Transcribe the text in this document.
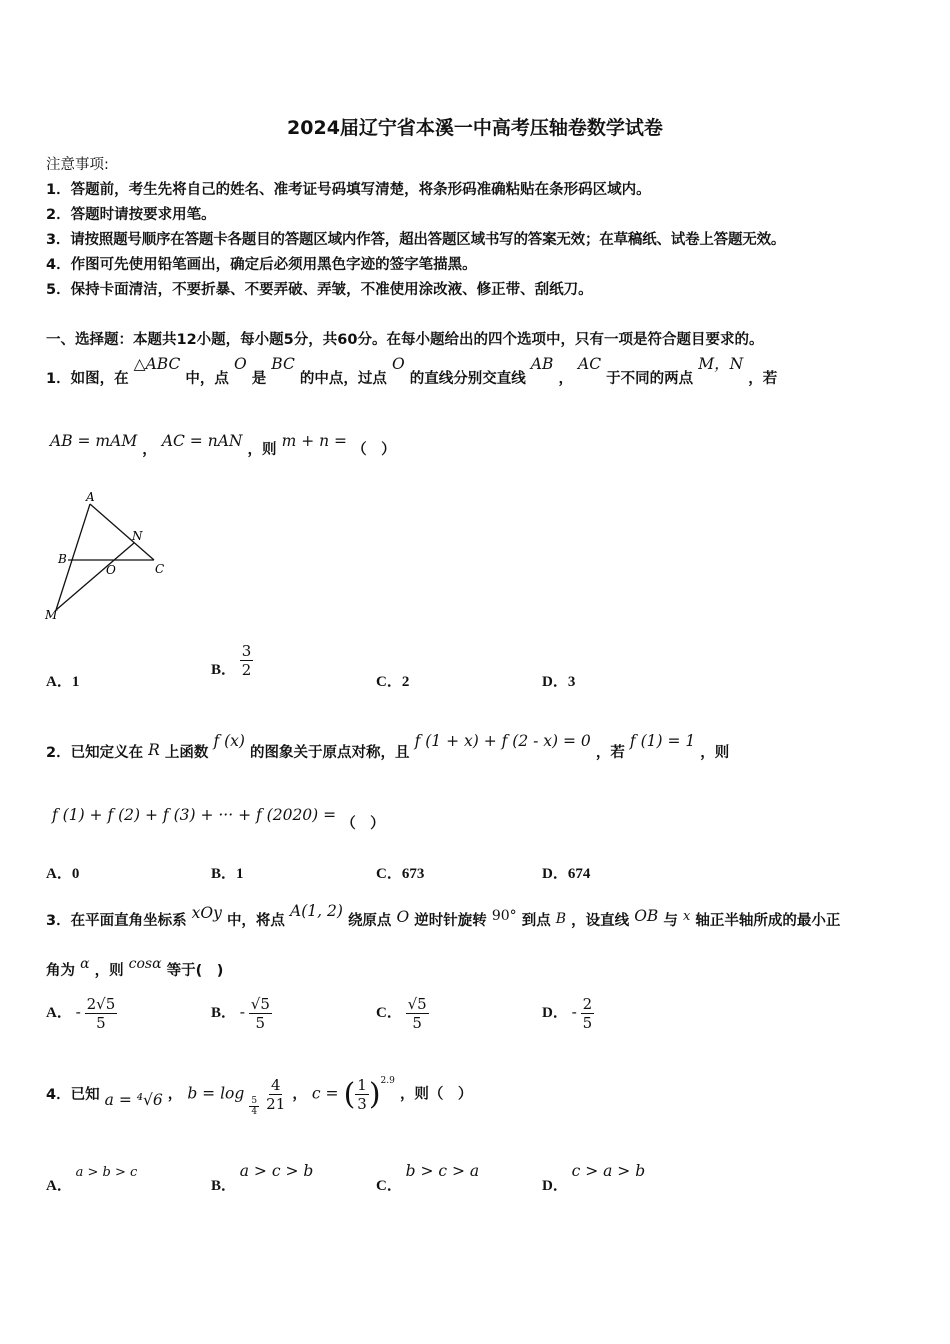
2024届辽宁省本溪一中高考压轴卷数学试卷
注意事项:
1．答题前，考生先将自己的姓名、准考证号码填写清楚，将条形码准确粘贴在条形码区域内。
2．答题时请按要求用笔。
3．请按照题号顺序在答题卡各题目的答题区域内作答，超出答题区域书写的答案无效；在草稿纸、试卷上答题无效。
4．作图可先使用铅笔画出，确定后必须用黑色字迹的签字笔描黑。
5．保持卡面清洁，不要折暴、不要弄破、弄皱，不准使用涂改液、修正带、刮纸刀。
一、选择题：本题共12小题，每小题5分，共60分。在每小题给出的四个选项中，只有一项是符合题目要求的。
1．如图，在 △ABC 中，点 O 是 BC 的中点，过点 O 的直线分别交直线 AB ， AC 于不同的两点 M，N ，若
AB = mAM ， AC = nAN ，则 m + n = （　）
A
B
C
N
O
M
A．1
B． $\frac{3}{2}$
C．2	D．3
2．已知定义在 R 上函数 f (x) 的图象关于原点对称，且 f (1 + x) + f (2 - x) = 0 ，若 f (1) = 1 ，则
f (1) + f (2) + f (3) + ··· + f (2020) = （　）
A．0	B．1	C．673	D．674
3．在平面直角坐标系 xOy 中，将点 A(1, 2) 绕原点 O 逆时针旋转 90° 到点 B ，设直线 OB 与 x 轴正半轴所成的最小正
角为 α ，则 cosα 等于(　)
A． - $\frac{2√5}{5}$	B． - $\frac{√5}{5}$	C． $\frac{√5}{5}$	D． - $\frac{2}{5}$
4．已知 a = ⁴√6 ， b = log
$\frac{5}{4}$
$\frac{4}{21}$ ， c = ( $\frac{1}{3} )^{2.9}$ ，则（　）
A． a > b > c
B． a > c > b
C． b > c > a
D． c > a > b
